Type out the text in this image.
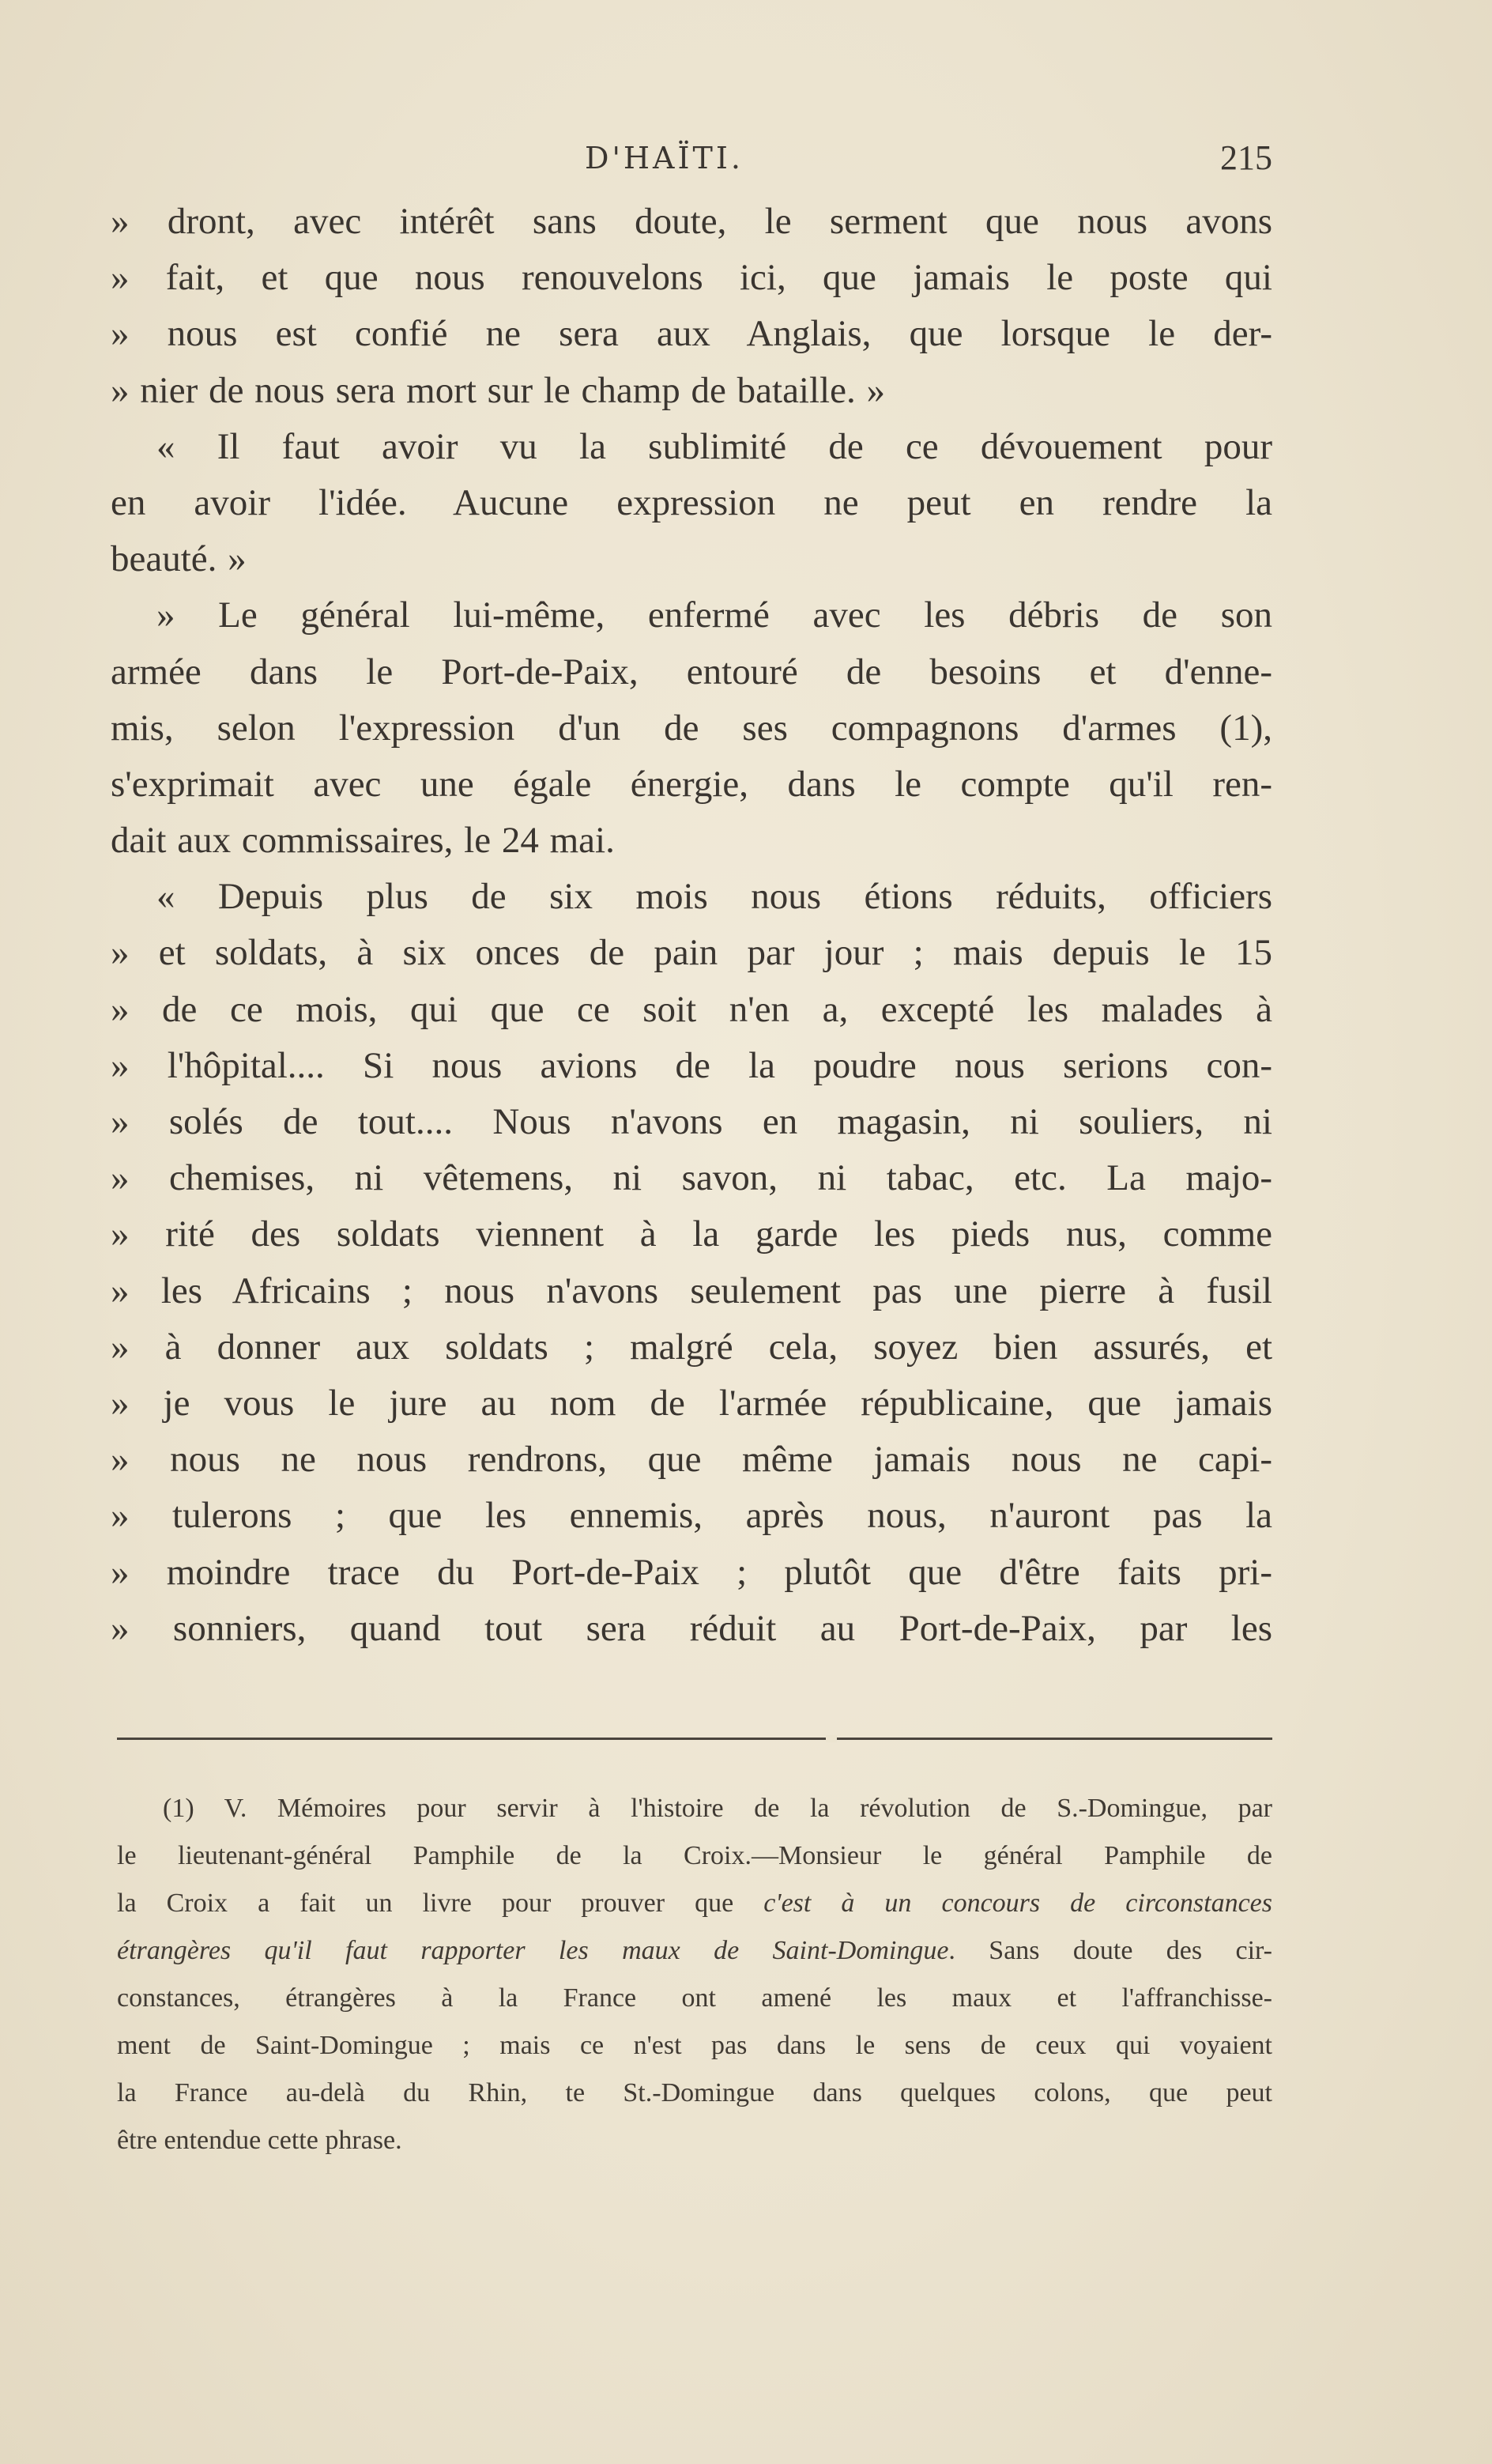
D'HAÏTI.	215
» dront, avec intérêt sans doute, le serment que nous avons
» fait, et que nous renouvelons ici, que jamais le poste qui
» nous est confié ne sera aux Anglais, que lorsque le der-
» nier de nous sera mort sur le champ de bataille. »
« Il faut avoir vu la sublimité de ce dévouement pour
en avoir l'idée. Aucune expression ne peut en rendre la
beauté. »
» Le général lui-même, enfermé avec les débris de son
armée dans le Port-de-Paix, entouré de besoins et d'enne-
mis, selon l'expression d'un de ses compagnons d'armes (1),
s'exprimait avec une égale énergie, dans le compte qu'il ren-
dait aux commissaires, le 24 mai.
« Depuis plus de six mois nous étions réduits, officiers
» et soldats, à six onces de pain par jour ; mais depuis le 15
» de ce mois, qui que ce soit n'en a, excepté les malades à
» l'hôpital.... Si nous avions de la poudre nous serions con-
» solés de tout.... Nous n'avons en magasin, ni souliers, ni
» chemises, ni vêtemens, ni savon, ni tabac, etc. La majo-
» rité des soldats viennent à la garde les pieds nus, comme
» les Africains ; nous n'avons seulement pas une pierre à fusil
» à donner aux soldats ; malgré cela, soyez bien assurés, et
» je vous le jure au nom de l'armée républicaine, que jamais
» nous ne nous rendrons, que même jamais nous ne capi-
» tulerons ; que les ennemis, après nous, n'auront pas la
» moindre trace du Port-de-Paix ; plutôt que d'être faits pri-
» sonniers, quand tout sera réduit au Port-de-Paix, par les
(1) V. Mémoires pour servir à l'histoire de la révolution de S.-Domingue, par
le lieutenant-général Pamphile de la Croix.—Monsieur le général Pamphile de
la Croix a fait un livre pour prouver que c'est à un concours de circonstances
étrangères qu'il faut rapporter les maux de Saint-Domingue. Sans doute des cir-
constances, étrangères à la France ont amené les maux et l'affranchisse-
ment de Saint-Domingue ; mais ce n'est pas dans le sens de ceux qui voyaient
la France au-delà du Rhin, te St.-Domingue dans quelques colons, que peut
être entendue cette phrase.
